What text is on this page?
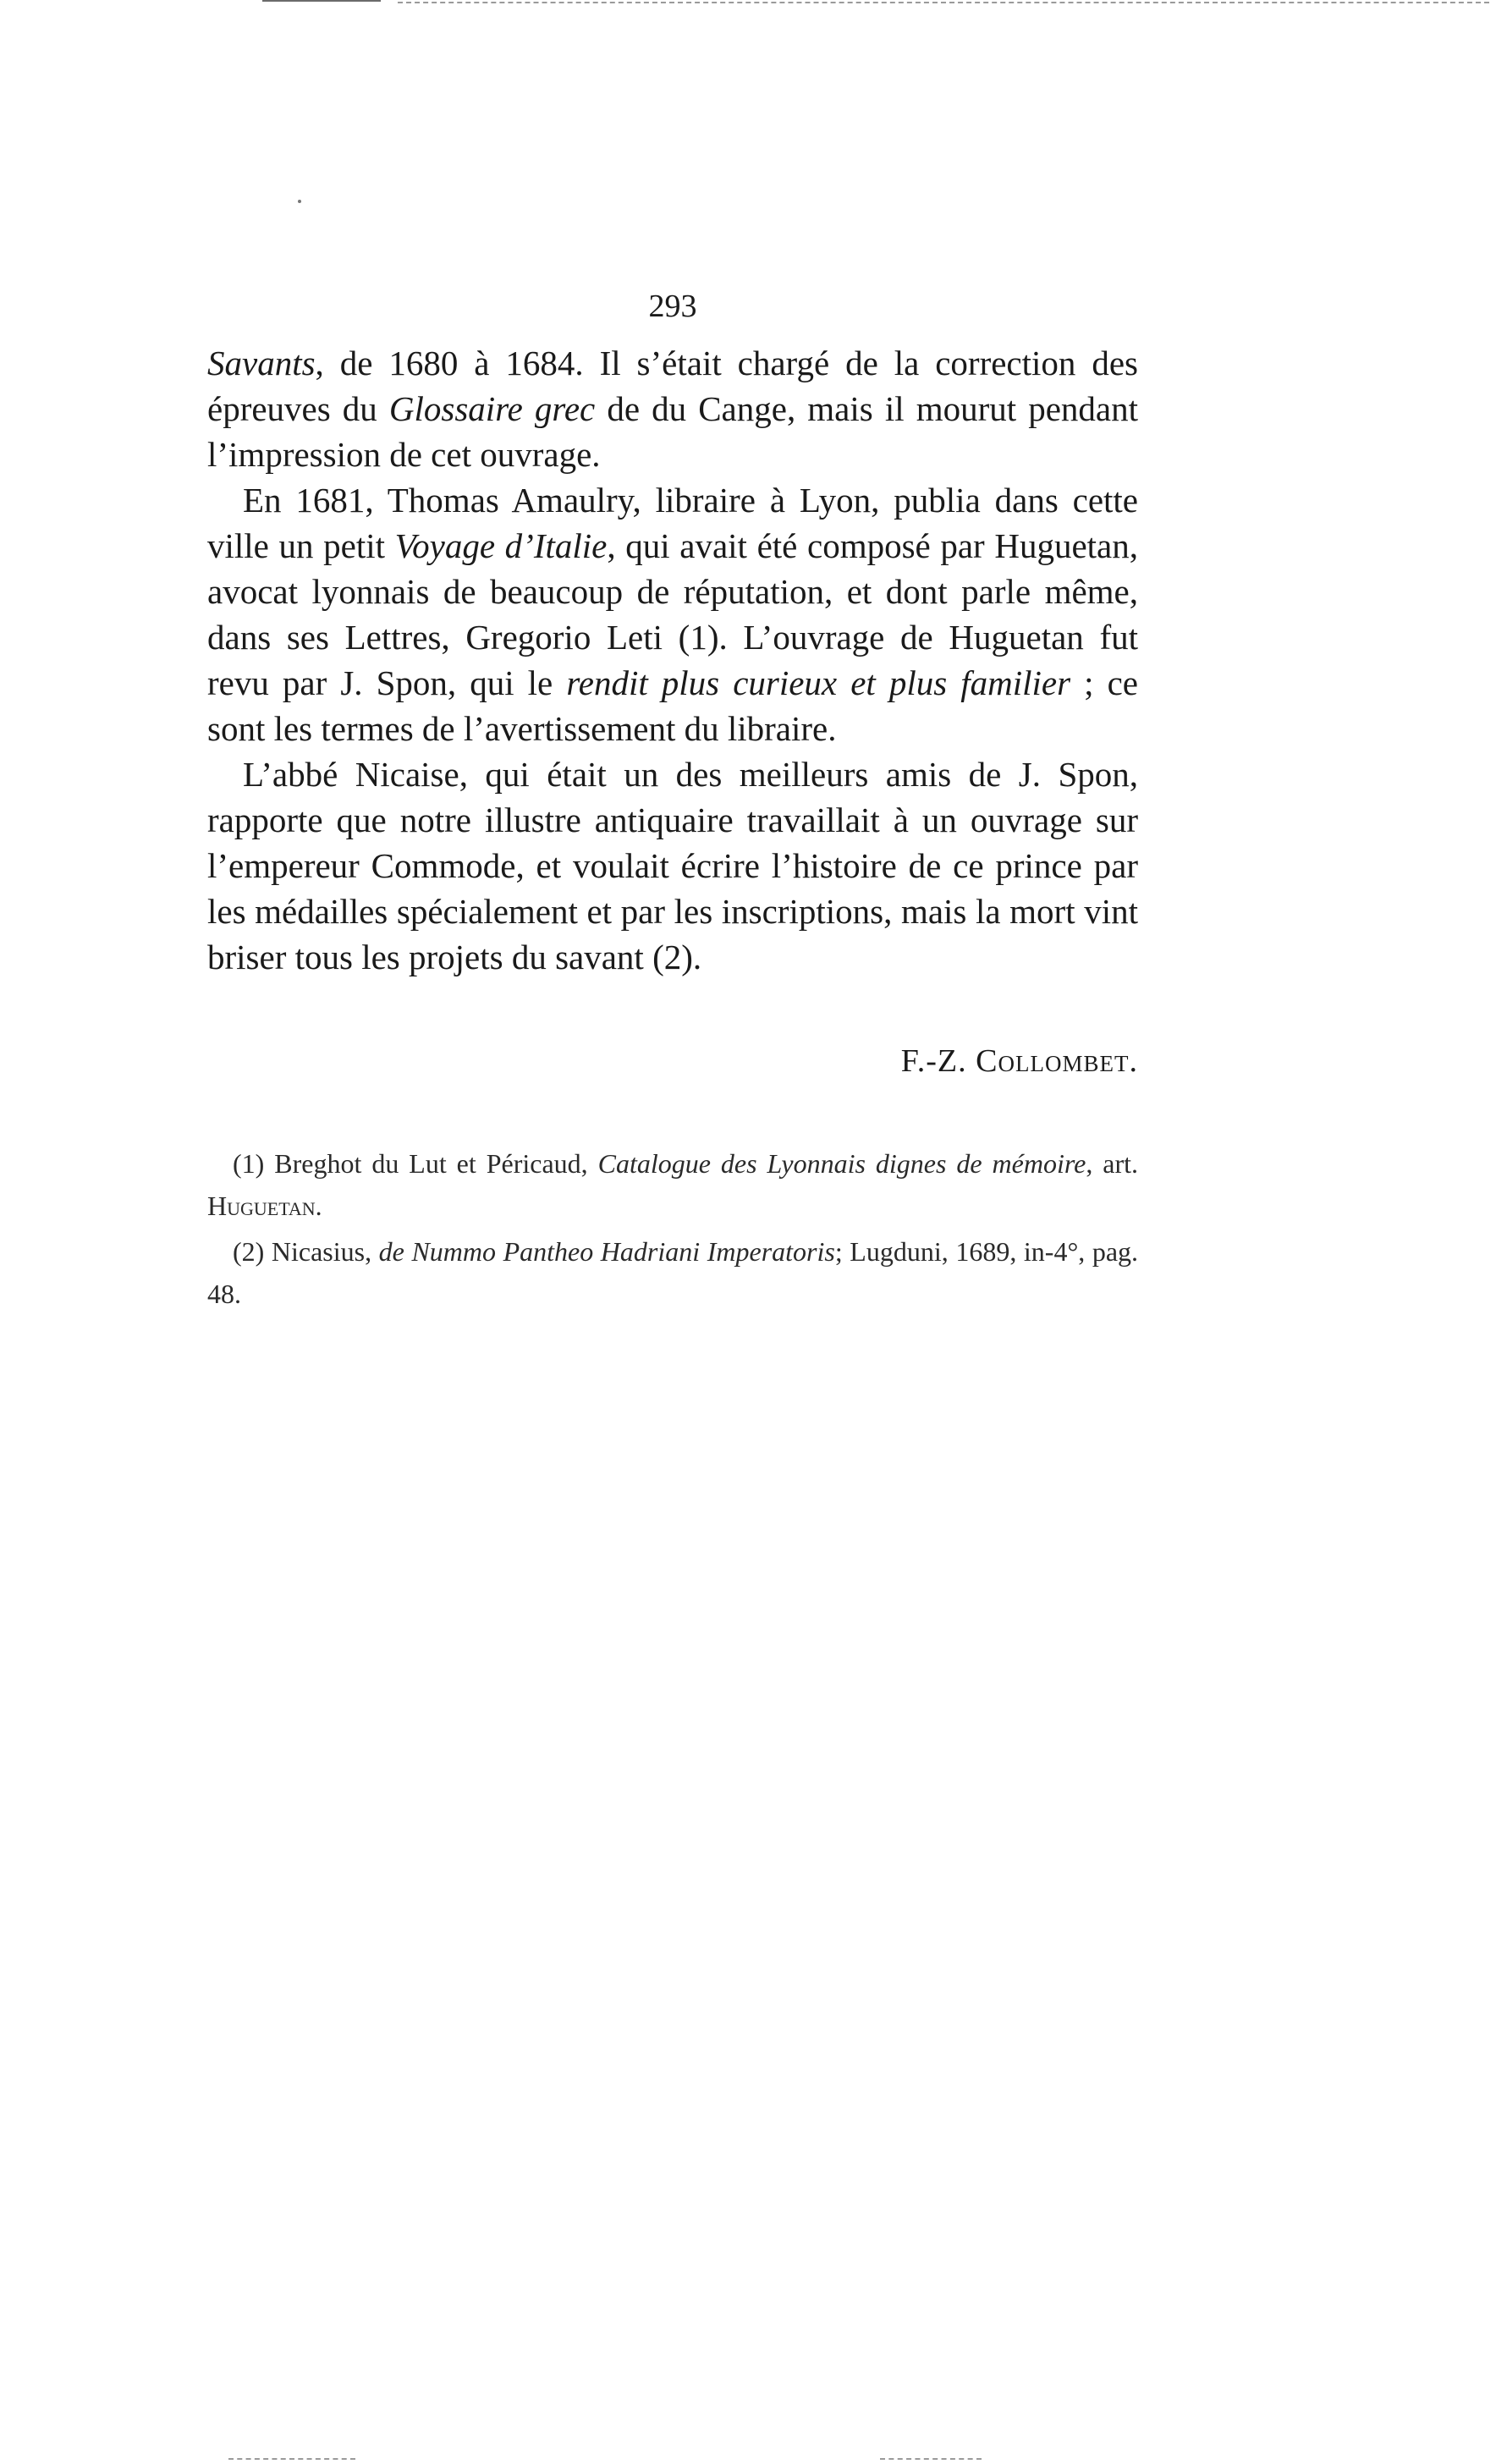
293

Savants, de 1680 à 1684. Il s’était chargé de la correction des épreuves du Glossaire grec de du Cange, mais il mourut pendant l’impression de cet ouvrage.

En 1681, Thomas Amaulry, libraire à Lyon, publia dans cette ville un petit Voyage d’Italie, qui avait été composé par Huguetan, avocat lyonnais de beaucoup de réputation, et dont parle même, dans ses Lettres, Gregorio Leti (1). L’ouvrage de Huguetan fut revu par J. Spon, qui le rendit plus curieux et plus familier ; ce sont les termes de l’avertissement du libraire.

L’abbé Nicaise, qui était un des meilleurs amis de J. Spon, rapporte que notre illustre antiquaire travaillait à un ouvrage sur l’empereur Commode, et voulait écrire l’histoire de ce prince par les médailles spécialement et par les inscriptions, mais la mort vint briser tous les projets du savant (2).

F.-Z. Collombet.

(1) Breghot du Lut et Péricaud, Catalogue des Lyonnais dignes de mémoire, art. Huguetan.

(2) Nicasius, de Nummo Pantheo Hadriani Imperatoris; Lugduni, 1689, in-4°, pag. 48.
